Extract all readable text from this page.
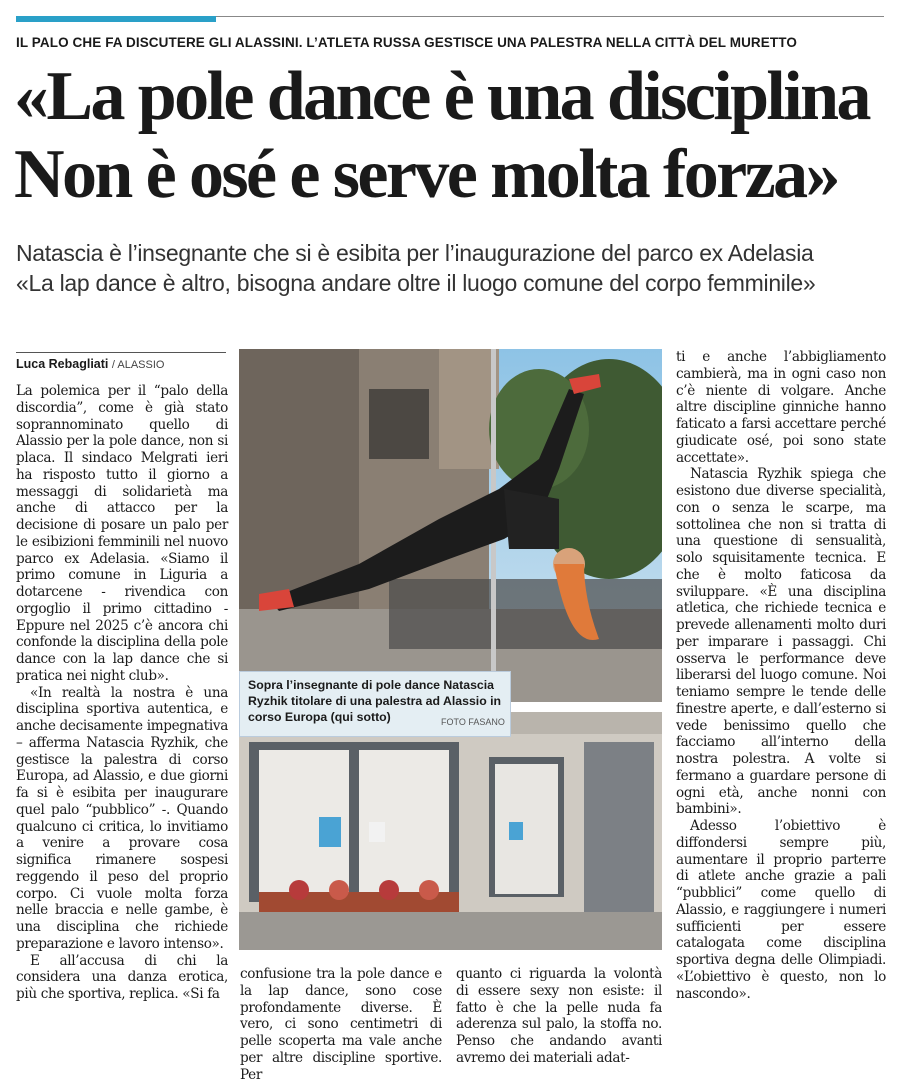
IL PALO CHE FA DISCUTERE GLI ALASSINI. L’ATLETA RUSSA GESTISCE UNA PALESTRA NELLA CITTÀ DEL MURETTO
«La pole dance è una disciplina
Non è osé e serve molta forza»
Natascia è l’insegnante che si è esibita per l’inaugurazione del parco ex Adelasia
«La lap dance è altro, bisogna andare oltre il luogo comune del corpo femminile»
Luca Rebagliati / ALASSIO

La polemica per il “palo della discordia”, come è già stato soprannominato quello di Alassio per la pole dance, non si placa. Il sindaco Melgrati ieri ha risposto tutto il giorno a messaggi di solidarietà ma anche di attacco per la decisione di posare un palo per le esibizioni femminili nel nuovo parco ex Adelasia. «Siamo il primo comune in Liguria a dotarcene - rivendica con orgoglio il primo cittadino - Eppure nel 2025 c’è ancora chi confonde la disciplina della pole dance con la lap dance che si pratica nei night club».

«In realtà la nostra è una disciplina sportiva autentica, e anche decisamente impegnativa – afferma Natascia Ryzhik, che gestisce la palestra di corso Europa, ad Alassio, e due giorni fa si è esibita per inaugurare quel palo “pubblico” -. Quando qualcuno ci critica, lo invitiamo a venire a provare cosa significa rimanere sospesi reggendo il peso del proprio corpo. Ci vuole molta forza nelle braccia e nelle gambe, è una disciplina che richiede preparazione e lavoro intenso».

E all’accusa di chi la considera una danza erotica, più che sportiva, replica. «Si fa

Sopra l’insegnante di pole dance Natascia Ryzhik titolare di una palestra ad Alassio in corso Europa (qui sotto)	FOTO FASANO

confusione tra la pole dance e la lap dance, sono cose profondamente diverse. È vero, ci sono centimetri di pelle scoperta ma vale anche per altre discipline sportive. Per

quanto ci riguarda la volontà di essere sexy non esiste: il fatto è che la pelle nuda fa aderenza sul palo, la stoffa no. Penso che andando avanti avremo dei materiali adat-

ti e anche l’abbigliamento cambierà, ma in ogni caso non c’è niente di volgare. Anche altre discipline ginniche hanno faticato a farsi accettare perché giudicate osé, poi sono state accettate».

Natascia Ryzhik spiega che esistono due diverse specialità, con o senza le scarpe, ma sottolinea che non si tratta di una questione di sensualità, solo squisitamente tecnica. E che è molto faticosa da sviluppare. «È una disciplina atletica, che richiede tecnica e prevede allenamenti molto duri per imparare i passaggi. Chi osserva le performance deve liberarsi del luogo comune. Noi teniamo sempre le tende delle finestre aperte, e dall’esterno si vede benissimo quello che facciamo all’interno della nostra polestra. A volte si fermano a guardare persone di ogni età, anche nonni con bambini».

Adesso l’obiettivo è diffondersi sempre più, aumentare il proprio parterre di atlete anche grazie a pali “pubblici” come quello di Alassio, e raggiungere i numeri sufficienti per essere catalogata come disciplina sportiva degna delle Olimpiadi. «L’obiettivo è questo, non lo nascondo».
